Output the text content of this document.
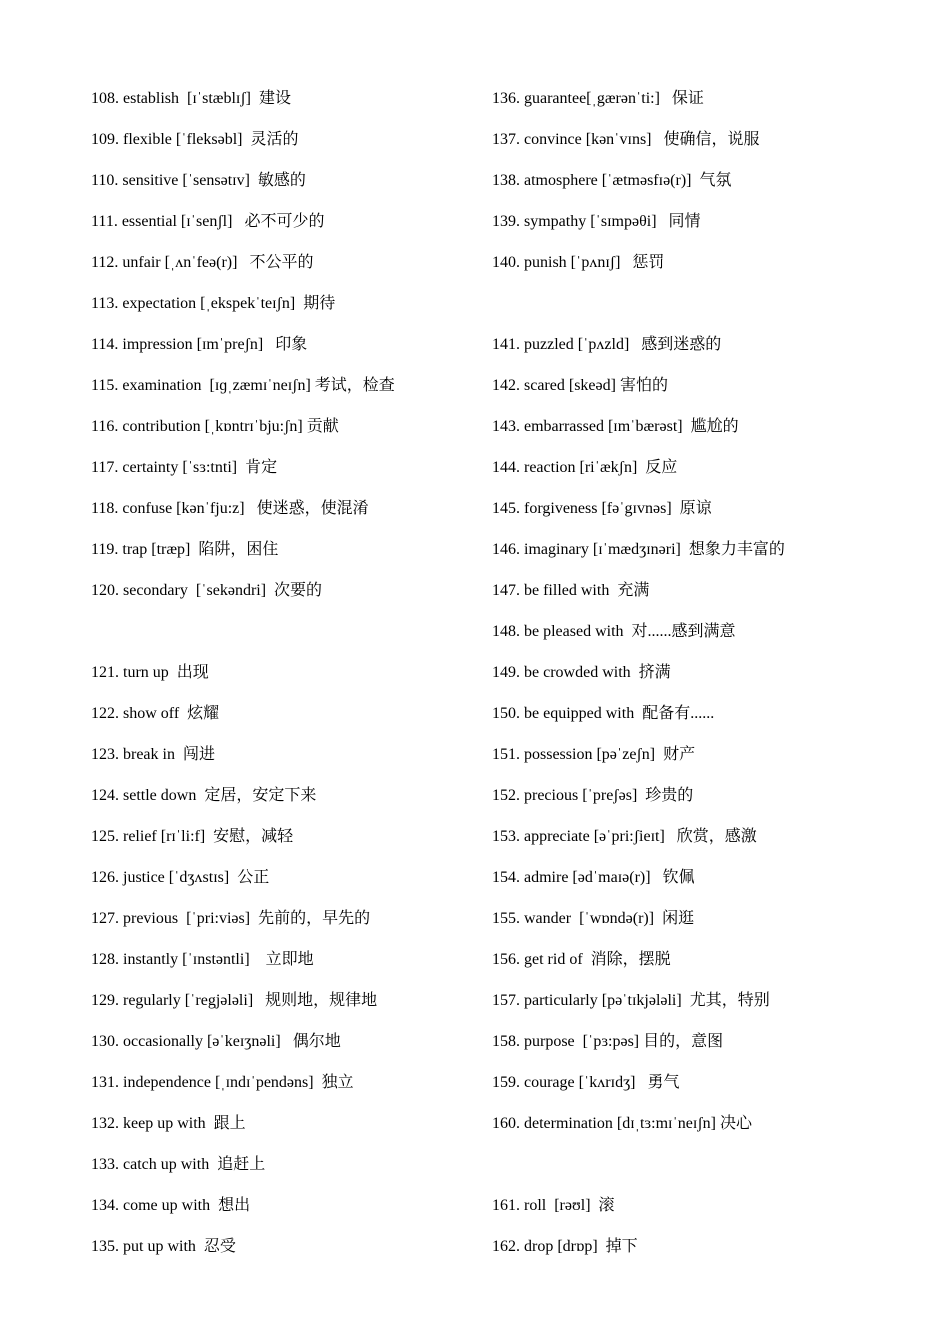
108. establish  [ɪˈstæblɪʃ]  建设
109. flexible [ˈfleksəbl]  灵活的
110. sensitive [ˈsensətɪv]  敏感的
111. essential [ɪˈsenʃl]   必不可少的
112. unfair [ˌʌnˈfeə(r)]   不公平的
113. expectation [ˌekspekˈteɪʃn]  期待
114. impression [ɪmˈpreʃn]   印象
115. examination  [ɪɡˌzæmɪˈneɪʃn] 考试，检查
116. contribution [ˌkɒntrɪˈbju:ʃn] 贡献
117. certainty [ˈsɜ:tnti]  肯定
118. confuse [kənˈfju:z]   使迷惑，使混淆
119. trap [træp]  陷阱，困住
120. secondary  [ˈsekəndri]  次要的
121. turn up  出现
122. show off  炫耀
123. break in  闯进
124. settle down  定居，安定下来
125. relief [rɪˈli:f]  安慰，减轻
126. justice [ˈdʒʌstɪs]  公正
127. previous  [ˈpri:viəs]  先前的，早先的
128. instantly [ˈɪnstəntli]    立即地
129. regularly [ˈregjələli]   规则地，规律地
130. occasionally [əˈkeɪʒnəli]   偶尔地
131. independence [ˌɪndɪˈpendəns]  独立
132. keep up with  跟上
133. catch up with  追赶上
134. come up with  想出
135. put up with  忍受
136. guarantee[ˌgærənˈti:]   保证
137. convince [kənˈvɪns]   使确信，说服
138. atmosphere [ˈætməsfɪə(r)]  气氛
139. sympathy [ˈsɪmpəθi]   同情
140. punish [ˈpʌnɪʃ]   惩罚
141. puzzled [ˈpʌzld]   感到迷惑的
142. scared [skeəd] 害怕的
143. embarrassed [ɪmˈbærəst]  尴尬的
144. reaction [riˈækʃn]  反应
145. forgiveness [fəˈgɪvnəs]  原谅
146. imaginary [ɪˈmædʒɪnəri]  想象力丰富的
147. be filled with  充满
148. be pleased with  对......感到满意
149. be crowded with  挤满
150. be equipped with  配备有......
151. possession [pəˈzeʃn]  财产
152. precious [ˈpreʃəs]  珍贵的
153. appreciate [əˈpri:ʃieɪt]   欣赏，感激
154. admire [ədˈmaɪə(r)]   钦佩
155. wander  [ˈwɒndə(r)]  闲逛
156. get rid of  消除，摆脱
157. particularly [pəˈtɪkjələli]  尤其，特别
158. purpose  [ˈpɜ:pəs] 目的，意图
159. courage [ˈkʌrɪdʒ]   勇气
160. determination [dɪˌtɜ:mɪˈneɪʃn] 决心
161. roll  [rəʊl]  滚
162. drop [drɒp]  掉下
